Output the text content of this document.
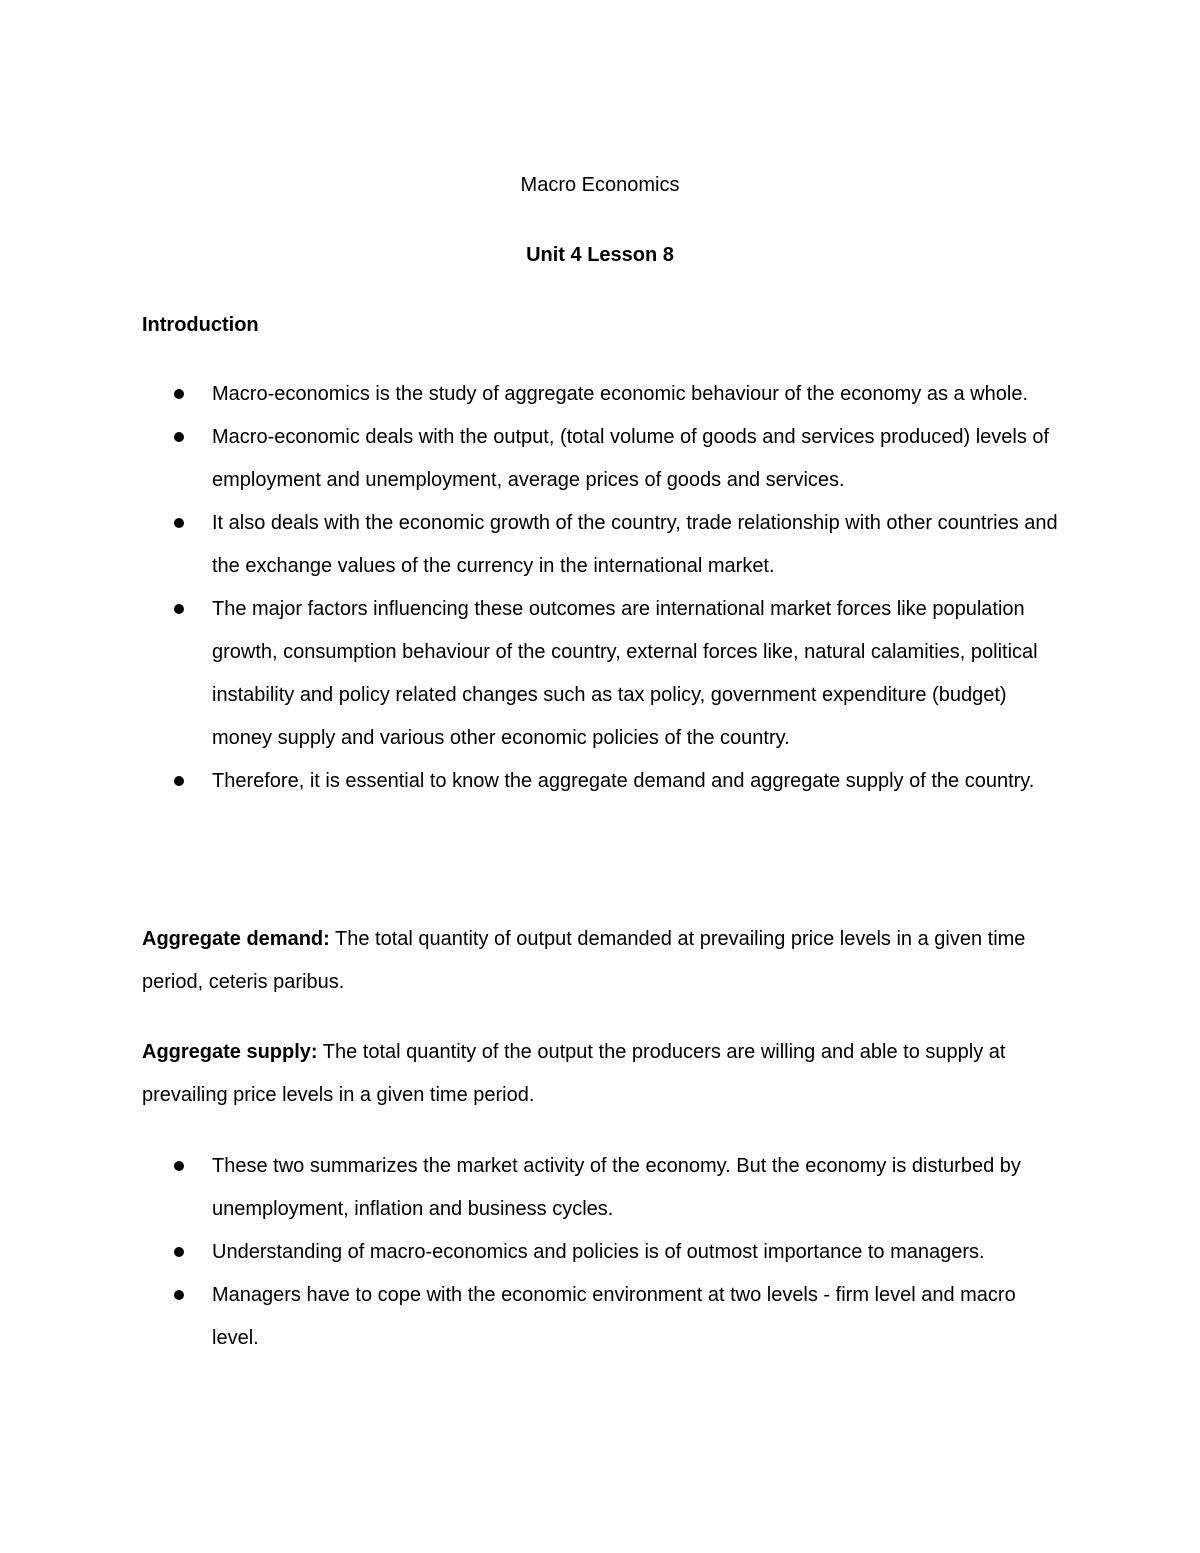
Macro Economics
Unit 4 Lesson 8
Introduction
Macro-economics is the study of aggregate economic behaviour of the economy as a whole.
Macro-economic deals with the output, (total volume of goods and services produced) levels of employment and unemployment, average prices of goods and services.
It also deals with the economic growth of the country, trade relationship with other countries and the exchange values of the currency in the international market.
The major factors influencing these outcomes are international market forces like population growth, consumption behaviour of the country, external forces like, natural calamities, political instability and policy related changes such as tax policy, government expenditure (budget) money supply and various other economic policies of the country.
Therefore, it is essential to know the aggregate demand and aggregate supply of the country.

Aggregate demand: The total quantity of output demanded at prevailing price levels in a given time period, ceteris paribus.

Aggregate supply: The total quantity of the output the producers are willing and able to supply at prevailing price levels in a given time period.

These two summarizes the market activity of the economy. But the economy is disturbed by unemployment, inflation and business cycles.
Understanding of macro-economics and policies is of outmost importance to managers.
Managers have to cope with the economic environment at two levels - firm level and macro level.
